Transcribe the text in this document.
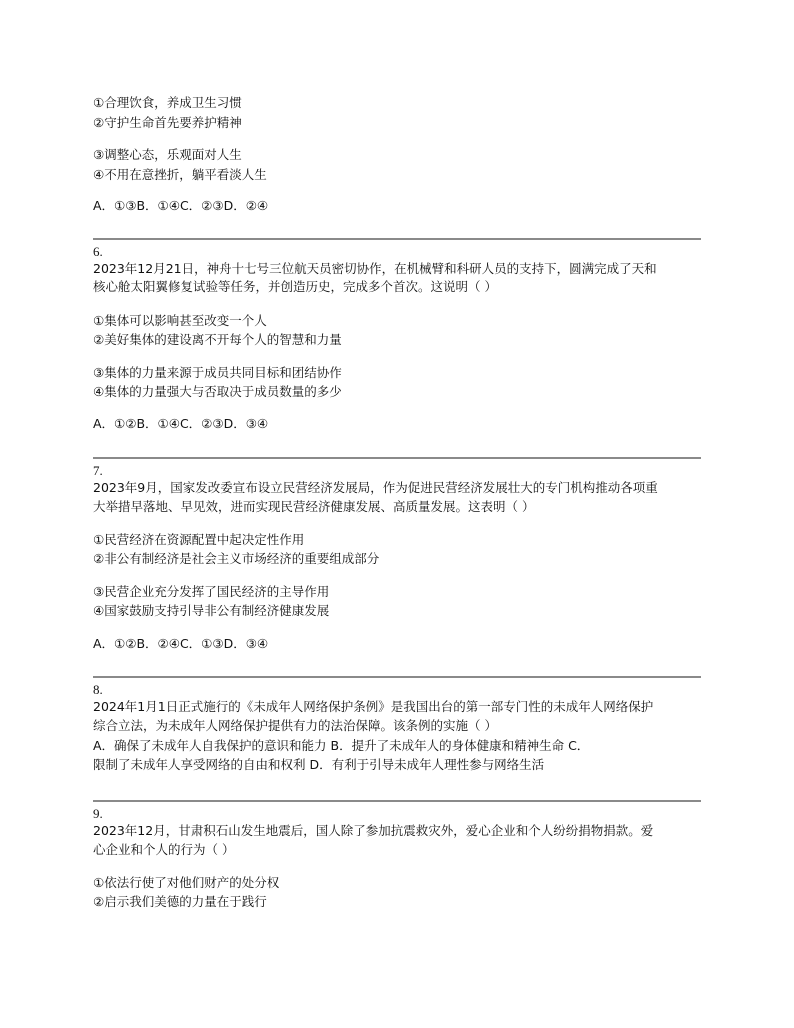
①合理饮食，养成卫生习惯
②守护生命首先要养护精神
③调整心态，乐观面对人生
④不用在意挫折，躺平看淡人生
A．①③B．①④C．②③D．②④
6.
2023年12月21日，神舟十七号三位航天员密切协作，在机械臂和科研人员的支持下，圆满完成了天和
核心舱太阳翼修复试验等任务，并创造历史，完成多个首次。这说明（ ）
①集体可以影响甚至改变一个人
②美好集体的建设离不开每个人的智慧和力量
③集体的力量来源于成员共同目标和团结协作
④集体的力量强大与否取决于成员数量的多少
A．①②B．①④C．②③D．③④
7.
2023年9月，国家发改委宣布设立民营经济发展局，作为促进民营经济发展壮大的专门机构推动各项重
大举措早落地、早见效，进而实现民营经济健康发展、高质量发展。这表明（ ）
①民营经济在资源配置中起决定性作用
②非公有制经济是社会主义市场经济的重要组成部分
③民营企业充分发挥了国民经济的主导作用
④国家鼓励支持引导非公有制经济健康发展
A．①②B．②④C．①③D．③④
8.
2024年1月1日正式施行的《未成年人网络保护条例》是我国出台的第一部专门性的未成年人网络保护
综合立法，为未成年人网络保护提供有力的法治保障。该条例的实施（ ）
A．确保了未成年人自我保护的意识和能力 B．提升了未成年人的身体健康和精神生命 C．
限制了未成年人享受网络的自由和权利 D．有利于引导未成年人理性参与网络生活
9.
2023年12月，甘肃积石山发生地震后，国人除了参加抗震救灾外，爱心企业和个人纷纷捐物捐款。爱
心企业和个人的行为（ ）
①依法行使了对他们财产的处分权
②启示我们美德的力量在于践行
